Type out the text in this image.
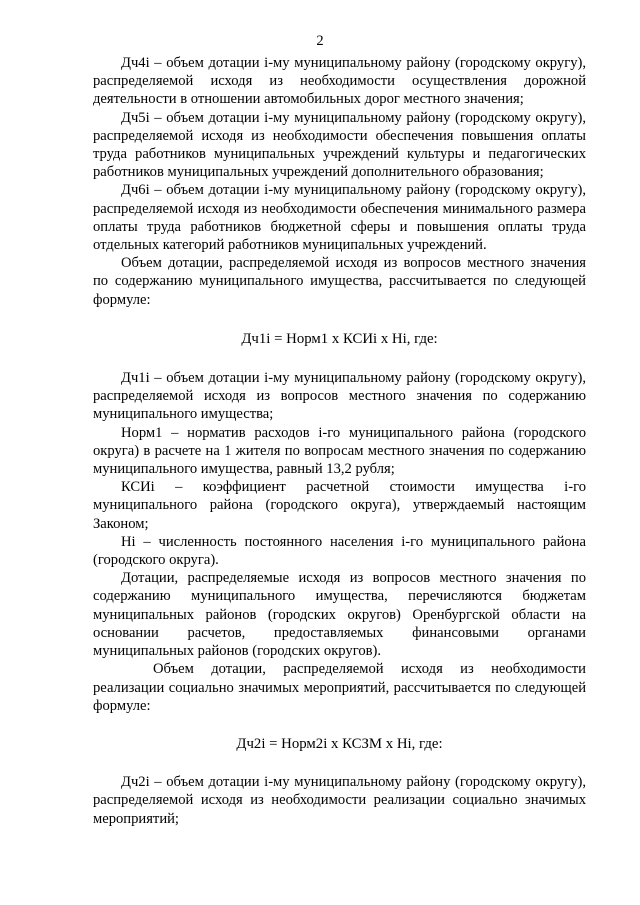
2

Дч4i – объем дотации i-му муниципальному району (городскому округу), распределяемой исходя из необходимости осуществления дорожной деятельности в отношении автомобильных дорог местного значения;

Дч5i – объем дотации i-му муниципальному району (городскому округу), распределяемой исходя из необходимости обеспечения повышения оплаты труда работников муниципальных учреждений культуры и педагогических работников муниципальных учреждений дополнительного образования;

Дч6i – объем дотации i-му муниципальному району (городскому округу), распределяемой исходя из необходимости обеспечения минимального размера оплаты труда работников бюджетной сферы и повышения оплаты труда отдельных категорий работников муниципальных учреждений.

Объем дотации, распределяемой исходя из вопросов местного значения по содержанию муниципального имущества, рассчитывается по следующей формуле:

Дч1i = Норм1 х КСИi х Нi, где:

Дч1i – объем дотации i-му муниципальному району (городскому округу), распределяемой исходя из вопросов местного значения по содержанию муниципального имущества;

Норм1 – норматив расходов i-го муниципального района (городского округа) в расчете на 1 жителя по вопросам местного значения по содержанию муниципального имущества, равный 13,2 рубля;

КСИi – коэффициент расчетной стоимости имущества i-го муниципального района (городского округа), утверждаемый настоящим Законом;

Нi – численность постоянного населения i-го муниципального района (городского округа).

Дотации, распределяемые исходя из вопросов местного значения по содержанию муниципального имущества, перечисляются бюджетам муниципальных районов (городских округов) Оренбургской области на основании расчетов, предоставляемых финансовыми органами муниципальных районов (городских округов).

Объем дотации, распределяемой исходя из необходимости реализации социально значимых мероприятий, рассчитывается по следующей формуле:

Дч2i = Норм2i х КСЗМ х Нi, где:

Дч2i – объем дотации i-му муниципальному району (городскому округу), распределяемой исходя из необходимости реализации социально значимых мероприятий;
